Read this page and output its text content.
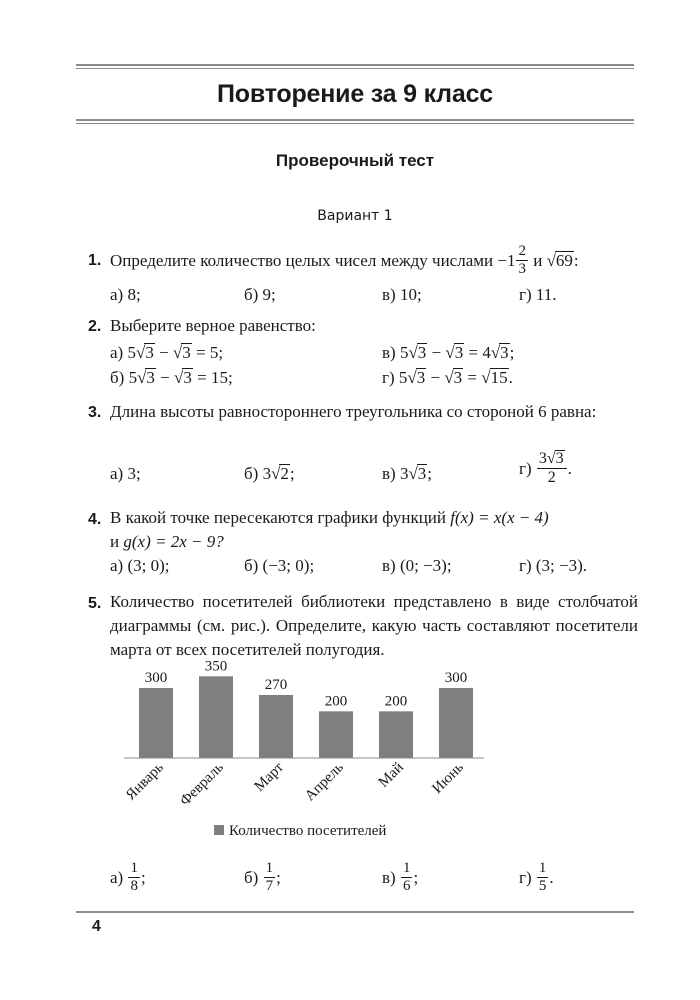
Повторение за 9 класс
Проверочный тест
Вариант 1
1. Определите количество целых чисел между числами $-1 \frac{2}{3}$ и √69:
а) 8;	б) 9;	в) 10;	г) 11.
2. Выберите верное равенство:
а) 5√3 − √3 = 5;	в) 5√3 − √3 = 4√3;
б) 5√3 − √3 = 15;	г) 5√3 − √3 = √15.
3. Длина высоты равностороннего треугольника со стороной 6 равна:
а) 3;	б) 3√2;	в) 3√3;	$г) \frac{3√3}{2}$ .
4. В какой точке пересекаются графики функций f(x) = x(x − 4)
и g(x) = 2x − 9?
а) (3; 0);	б) (−3; 0);	в) (0; −3);	г) (3; −3).
5. Количество посетителей библиотеки представлено в виде столбчатой диаграммы (см. рис.). Определите, какую часть составляют посетители марта от всех посетителей полугодия.
300
Январь
350
Февраль
270
Март
200
Апрель
200
Май
300
Июнь
Количество посетителей
$а) \frac{1}{8}$ ;	$б) \frac{1}{7}$ ;	$в) \frac{1}{6}$ ;	$г) \frac{1}{5}$ .
4
